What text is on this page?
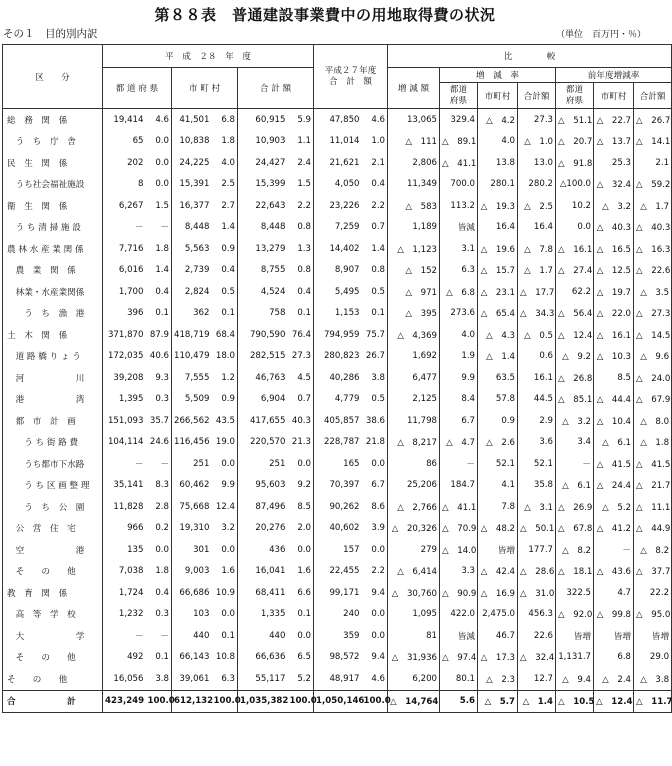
第８８表　普通建設事業費中の用地取得費の状況
その１　目的別内訳	（単位　百万円・％）
区　　分	平　成　２８　年　度						平成２７年度
合　計　額		比　　　　較						
	都 道 府 県		市 町 村		合 計 額				増 減 額	増　減　率			前年度増減率		
										都道
府県	市町村	合計額	都道
府県	市町村	合計額
総　務　関　係	19,414	4.6	41,501	6.8	60,915	5.9	47,850	4.6	13,065	329.4	△　4.2	27.3	△　51.1	△　22.7	△　26.7
　う　ち　庁　舎	65	0.0	10,838	1.8	10,903	1.1	11,014	1.0	△　111	△　89.1	4.0	△　1.0	△　20.7	△　13.7	△　14.1
民　生　関　係	202	0.0	24,225	4.0	24,427	2.4	21,621	2.1	2,806	△　41.1	13.8	13.0	△　91.8	25.3	2.1
　うち社会福祉施設	8	0.0	15,391	2.5	15,399	1.5	4,050	0.4	11,349	700.0	280.1	280.2	△100.0	△　32.4	△　59.2
衛　生　関　係	6,267	1.5	16,377	2.7	22,643	2.2	23,226	2.2	△　583	113.2	△　19.3	△　2.5	10.2	△　3.2	△　1.7
　う ち 清 掃 施 設	－	－	8,448	1.4	8,448	0.8	7,259	0.7	1,189	皆減	16.4	16.4	0.0	△　40.3	△　40.3
農 林 水 産 業 関 係	7,716	1.8	5,563	0.9	13,279	1.3	14,402	1.4	△　1,123	3.1	△　19.6	△　7.8	△　16.1	△　16.5	△　16.3
　農　業　関　係	6,016	1.4	2,739	0.4	8,755	0.8	8,907	0.8	△　152	6.3	△　15.7	△　1.7	△　27.4	△　12.5	△　22.6
　林業・水産業関係	1,700	0.4	2,824	0.5	4,524	0.4	5,495	0.5	△　971	△　6.8	△　23.1	△　17.7	62.2	△　19.7	△　3.5
　　う　ち　漁　港	396	0.1	362	0.1	758	0.1	1,153	0.1	△　395	273.6	△　65.4	△　34.3	△　56.4	△　22.0	△　27.3
土　木　関　係	371,870	87.9	418,719	68.4	790,590	76.4	794,959	75.7	△　4,369	4.0	△　4.3	△　0.5	△　12.4	△　16.1	△　14.5
　道 路 橋 り ょ う	172,035	40.6	110,479	18.0	282,515	27.3	280,823	26.7	1,692	1.9	△　1.4	0.6	△　9.2	△　10.3	△　9.6
　河　　　　　　川	39,208	9.3	7,555	1.2	46,763	4.5	40,286	3.8	6,477	9.9	63.5	16.1	△　26.8	8.5	△　24.0
　港　　　　　　湾	1,395	0.3	5,509	0.9	6,904	0.7	4,779	0.5	2,125	8.4	57.8	44.5	△　85.1	△　44.4	△　67.9
　都　市　計　画	151,093	35.7	266,562	43.5	417,655	40.3	405,857	38.6	11,798	6.7	0.9	2.9	△　3.2	△　10.4	△　8.0
　　う ち 街 路 費	104,114	24.6	116,456	19.0	220,570	21.3	228,787	21.8	△　8,217	△　4.7	△　2.6	3.6	3.4	△　6.1	△　1.8
　　うち都市下水路	－	－	251	0.0	251	0.0	165	0.0	86	－	52.1	52.1	－	△　41.5	△　41.5
　　う ち 区 画 整 理	35,141	8.3	60,462	9.9	95,603	9.2	70,397	6.7	25,206	184.7	4.1	35.8	△　6.1	△　24.4	△　21.7
　　う　ち　公　園	11,828	2.8	75,668	12.4	87,496	8.5	90,262	8.6	△　2,766	△　41.1	7.8	△　3.1	△　26.9	△　5.2	△　11.1
　公　営　住　宅	966	0.2	19,310	3.2	20,276	2.0	40,602	3.9	△　20,326	△　70.9	△　48.2	△　50.1	△　67.8	△　41.2	△　44.9
　空　　　　　　港	135	0.0	301	0.0	436	0.0	157	0.0	279	△　14.0	皆増	177.7	△　8.2	－	△　8.2
　そ　　の　　他	7,038	1.8	9,003	1.6	16,041	1.6	22,455	2.2	△　6,414	3.3	△　42.4	△　28.6	△　18.1	△　43.6	△　37.7
教　育　関　係	1,724	0.4	66,686	10.9	68,411	6.6	99,171	9.4	△　30,760	△　90.9	△　16.9	△　31.0	322.5	4.7	22.2
　高　等　学　校	1,232	0.3	103	0.0	1,335	0.1	240	0.0	1,095	422.0	2,475.0	456.3	△　92.0	△　99.8	△　95.0
　大　　　　　　学	－	－	440	0.1	440	0.0	359	0.0	81	皆減	46.7	22.6	皆増	皆増	皆増
　そ　　の　　他	492	0.1	66,143	10.8	66,636	6.5	98,572	9.4	△　31,936	△　97.4	△　17.3	△　32.4	1,131.7	6.8	29.0
そ　　の　　他	16,056	3.8	39,061	6.3	55,117	5.2	48,917	4.6	6,200	80.1	△　2.3	12.7	△　9.4	△　2.4	△　3.8
合　　　　　　計	423,249	100.0	612,132	100.0	1,035,382	100.0	1,050,146	100.0	△　14,764	5.6	△　5.7	△　1.4	△　10.5	△　12.4	△　11.7
